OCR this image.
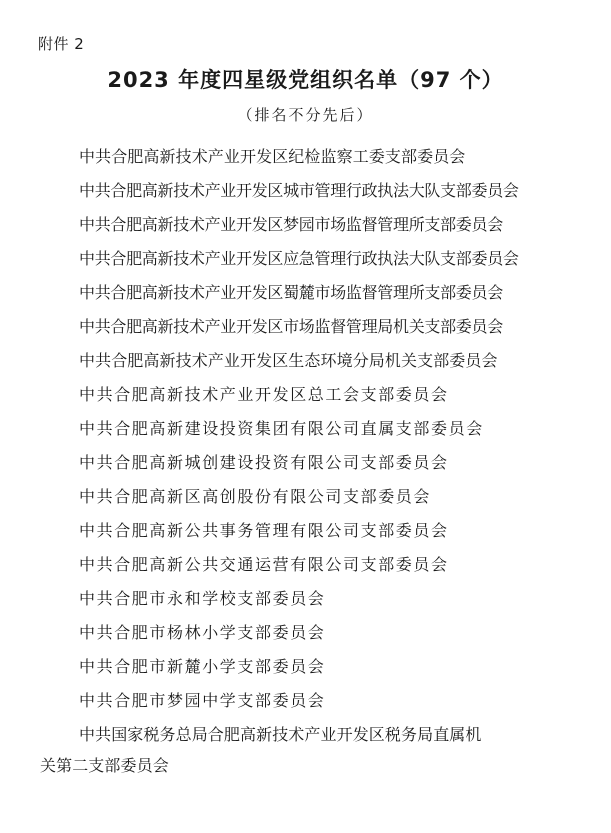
附件 2
2023 年度四星级党组织名单（97 个）
（排名不分先后）
中共合肥高新技术产业开发区纪检监察工委支部委员会
中共合肥高新技术产业开发区城市管理行政执法大队支部委员会
中共合肥高新技术产业开发区梦园市场监督管理所支部委员会
中共合肥高新技术产业开发区应急管理行政执法大队支部委员会
中共合肥高新技术产业开发区蜀麓市场监督管理所支部委员会
中共合肥高新技术产业开发区市场监督管理局机关支部委员会
中共合肥高新技术产业开发区生态环境分局机关支部委员会
中共合肥高新技术产业开发区总工会支部委员会
中共合肥高新建设投资集团有限公司直属支部委员会
中共合肥高新城创建设投资有限公司支部委员会
中共合肥高新区高创股份有限公司支部委员会
中共合肥高新公共事务管理有限公司支部委员会
中共合肥高新公共交通运营有限公司支部委员会
中共合肥市永和学校支部委员会
中共合肥市杨林小学支部委员会
中共合肥市新麓小学支部委员会
中共合肥市梦园中学支部委员会
中共国家税务总局合肥高新技术产业开发区税务局直属机
关第二支部委员会
